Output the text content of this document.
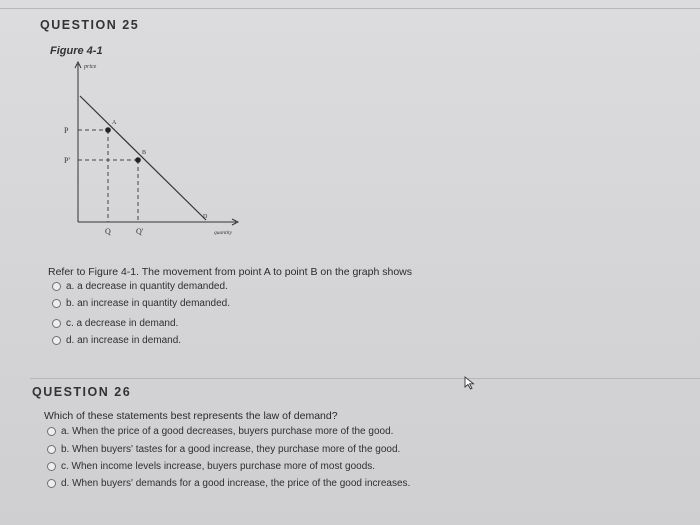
QUESTION 25
Figure 4-1
price
P
P'
A
B
D
Q	Q'	quantity
Refer to Figure 4-1. The movement from point A to point B on the graph shows
a. a decrease in quantity demanded.
b. an increase in quantity demanded.
c. a decrease in demand.
d. an increase in demand.
QUESTION 26
Which of these statements best represents the law of demand?
a. When the price of a good decreases, buyers purchase more of the good.
b. When buyers' tastes for a good increase, they purchase more of the good.
c. When income levels increase, buyers purchase more of most goods.
d. When buyers' demands for a good increase, the price of the good increases.
